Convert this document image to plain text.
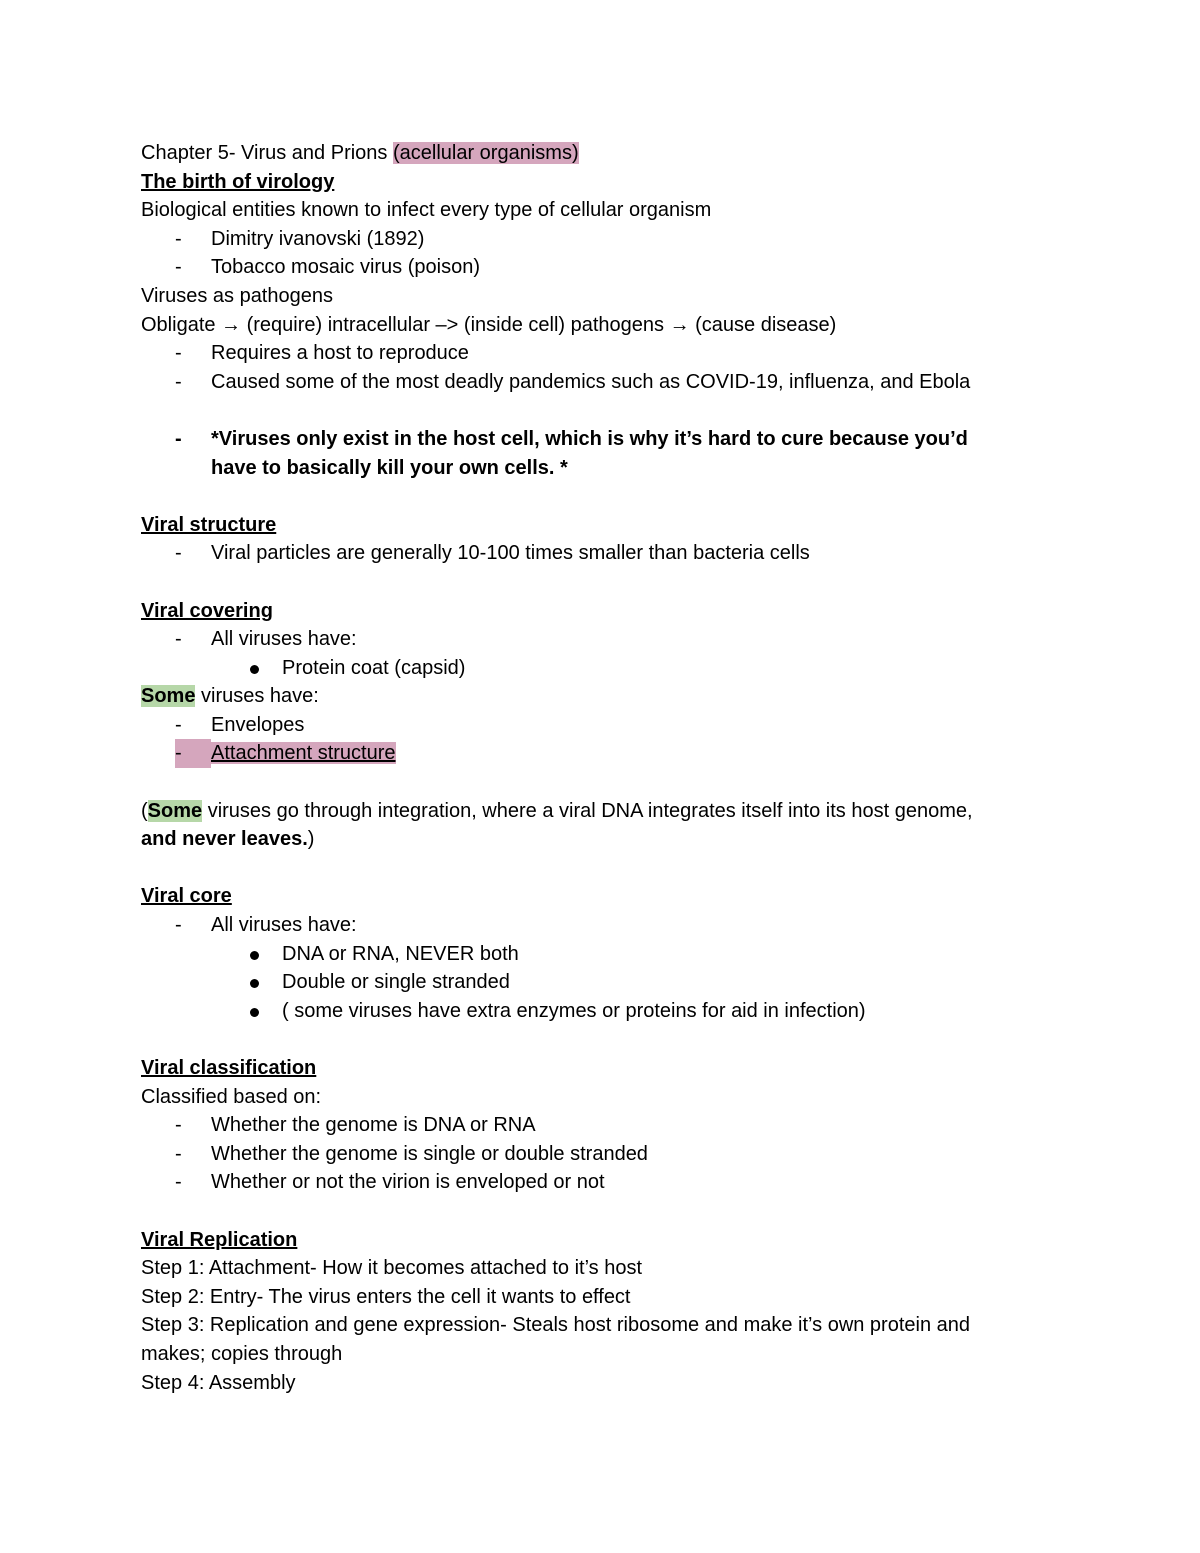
Chapter 5- Virus and Prions (acellular organisms)
The birth of virology
Biological entities known to infect every type of cellular organism
- Dimitry ivanovski (1892)
- Tobacco mosaic virus (poison)
Viruses as pathogens
Obligate → (require) intracellular –> (inside cell) pathogens → (cause disease)
- Requires a host to reproduce
- Caused some of the most deadly pandemics such as COVID-19, influenza, and Ebola
- *Viruses only exist in the host cell, which is why it’s hard to cure because you’d
have to basically kill your own cells. *
Viral structure
- Viral particles are generally 10-100 times smaller than bacteria cells
Viral covering
- All viruses have:
Protein coat (capsid)
Some viruses have:
- Envelopes
-	Attachment structure
(Some viruses go through integration, where a viral DNA integrates itself into its host genome,
and never leaves.)
Viral core
- All viruses have:
DNA or RNA, NEVER both
Double or single stranded
( some viruses have extra enzymes or proteins for aid in infection)
Viral classification
Classified based on:
- Whether the genome is DNA or RNA
- Whether the genome is single or double stranded
- Whether or not the virion is enveloped or not
Viral Replication
Step 1: Attachment- How it becomes attached to it’s host
Step 2: Entry- The virus enters the cell it wants to effect
Step 3: Replication and gene expression- Steals host ribosome and make it’s own protein and
makes; copies through
Step 4: Assembly
